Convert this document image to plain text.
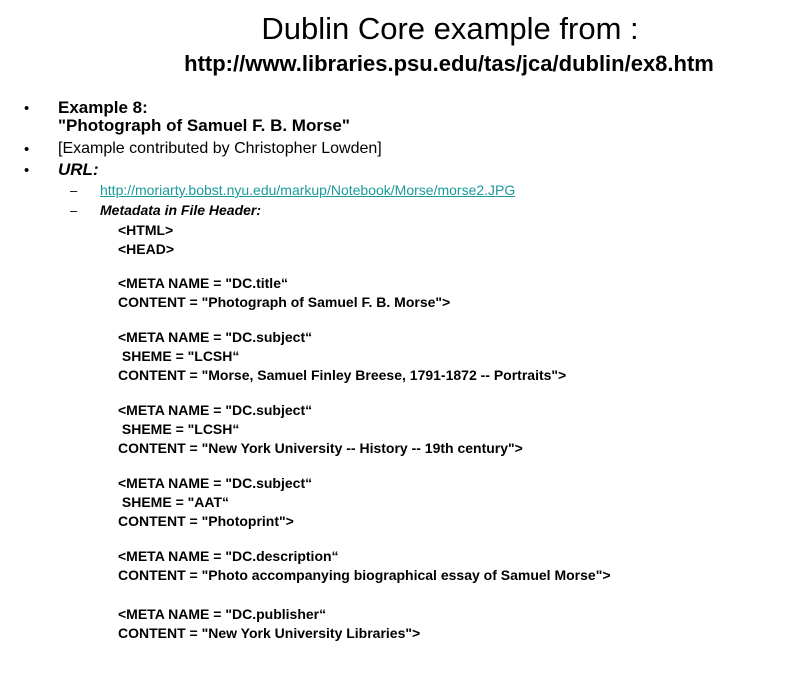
Dublin Core example from :
http://www.libraries.psu.edu/tas/jca/dublin/ex8.htm
• Example 8:
"Photograph of Samuel F. B. Morse"
• [Example contributed by Christopher Lowden]
• URL:
– http://moriarty.bobst.nyu.edu/markup/Notebook/Morse/morse2.JPG
– Metadata in File Header:
<HTML>
<HEAD>
<META NAME = "DC.title“
CONTENT = "Photograph of Samuel F. B. Morse">
<META NAME = "DC.subject“
SHEME = "LCSH“
CONTENT = "Morse, Samuel Finley Breese, 1791-1872 -- Portraits">
<META NAME = "DC.subject“
SHEME = "LCSH“
CONTENT = "New York University -- History -- 19th century">
<META NAME = "DC.subject“
SHEME = "AAT“
CONTENT = "Photoprint">
<META NAME = "DC.description“
CONTENT = "Photo accompanying biographical essay of Samuel Morse">
<META NAME = "DC.publisher“
CONTENT = "New York University Libraries">
